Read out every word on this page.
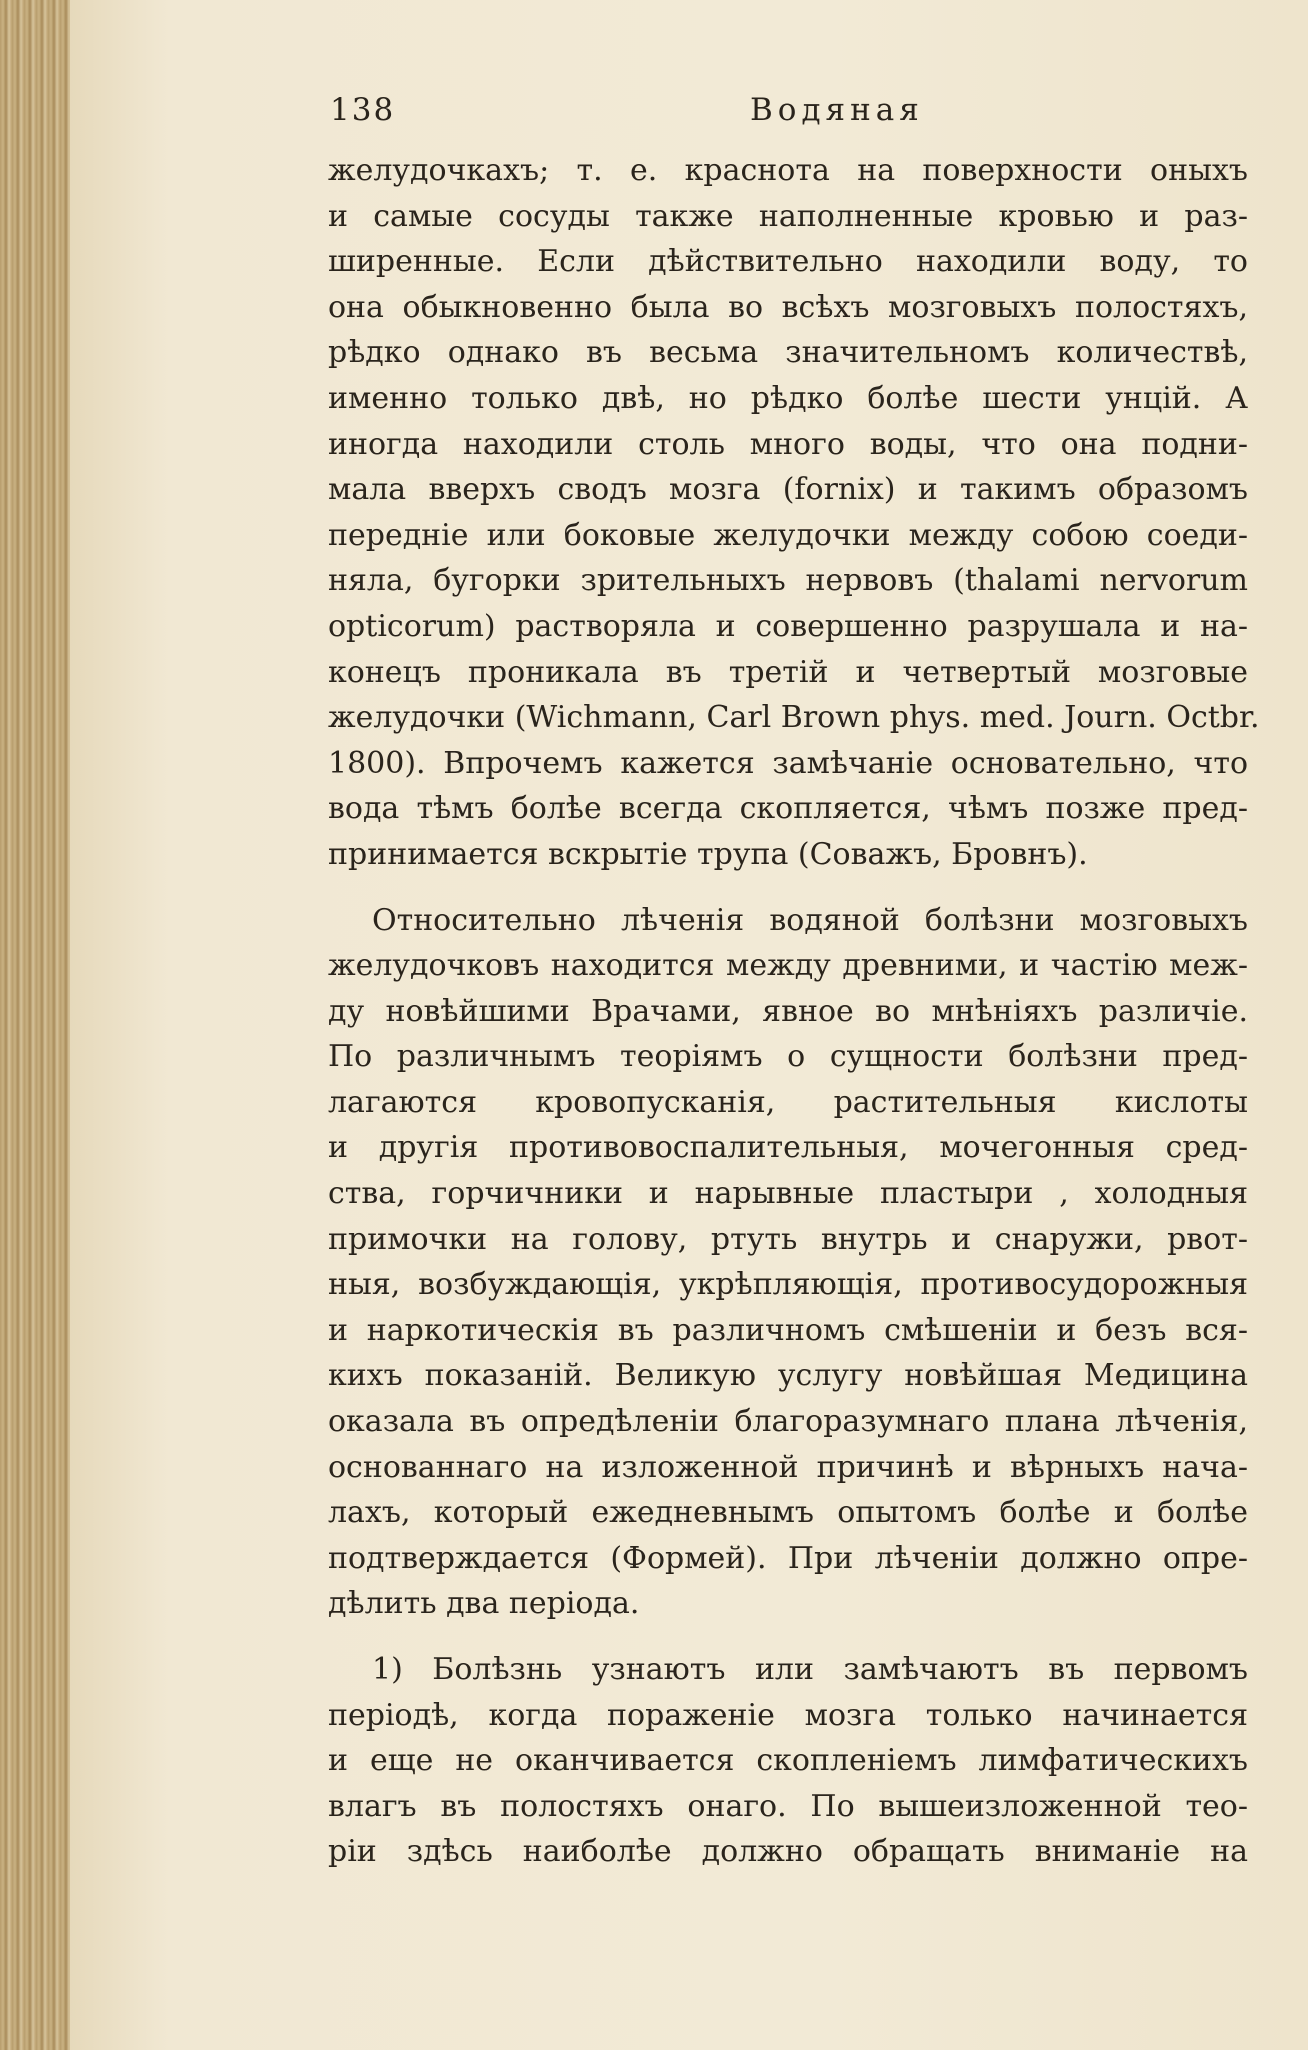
138	Водяная
желудочкахъ; т. е. краснота на поверхности оныхъ
и самые сосуды также наполненные кровью и раз-
ширенные. Если дѣйствительно находили воду, то
она обыкновенно была во всѣхъ мозговыхъ полостяхъ,
рѣдко однако въ весьма значительномъ количествѣ,
именно только двѣ, но рѣдко болѣе шести унцій. А
иногда находили столь много воды, что она подни-
мала вверхъ сводъ мозга (fornix) и такимъ образомъ
передніе или боковые желудочки между собою соеди-
няла, бугорки зрительныхъ нервовъ (thalami nervorum
opticorum) растворяла и совершенно разрушала и на-
конецъ проникала въ третій и четвертый мозговые
желудочки (Wichmann, Carl Brown phys. med. Journ. Octbr.
1800). Впрочемъ кажется замѣчаніе основательно, что
вода тѣмъ болѣе всегда скопляется, чѣмъ позже пред-
принимается вскрытіе трупа (Соважъ, Бровнъ).
Относительно лѣченія водяной болѣзни мозговыхъ
желудочковъ находится между древними, и частію меж-
ду новѣйшими Врачами, явное во мнѣніяхъ различіе.
По различнымъ теоріямъ о сущности болѣзни пред-
лагаются кровопусканія, растительныя кислоты
и другія противовоспалительныя, мочегонныя сред-
ства, горчичники и нарывные пластыри , холодныя
примочки на голову, ртуть внутрь и снаружи, рвот-
ныя, возбуждающія, укрѣпляющія, противосудорожныя
и наркотическія въ различномъ смѣшеніи и безъ вся-
кихъ показаній. Великую услугу новѣйшая Медицина
оказала въ опредѣленіи благоразумнаго плана лѣченія,
основаннаго на изложенной причинѣ и вѣрныхъ нача-
лахъ, который ежедневнымъ опытомъ болѣе и болѣе
подтверждается (Формей). При лѣченіи должно опре-
дѣлить два періода.
1) Болѣзнь узнаютъ или замѣчаютъ въ первомъ
періодѣ, когда пораженіе мозга только начинается
и еще не оканчивается скопленіемъ лимфатическихъ
влагъ въ полостяхъ онаго. По вышеизложенной тео-
ріи здѣсь наиболѣе должно обращать вниманіе на
